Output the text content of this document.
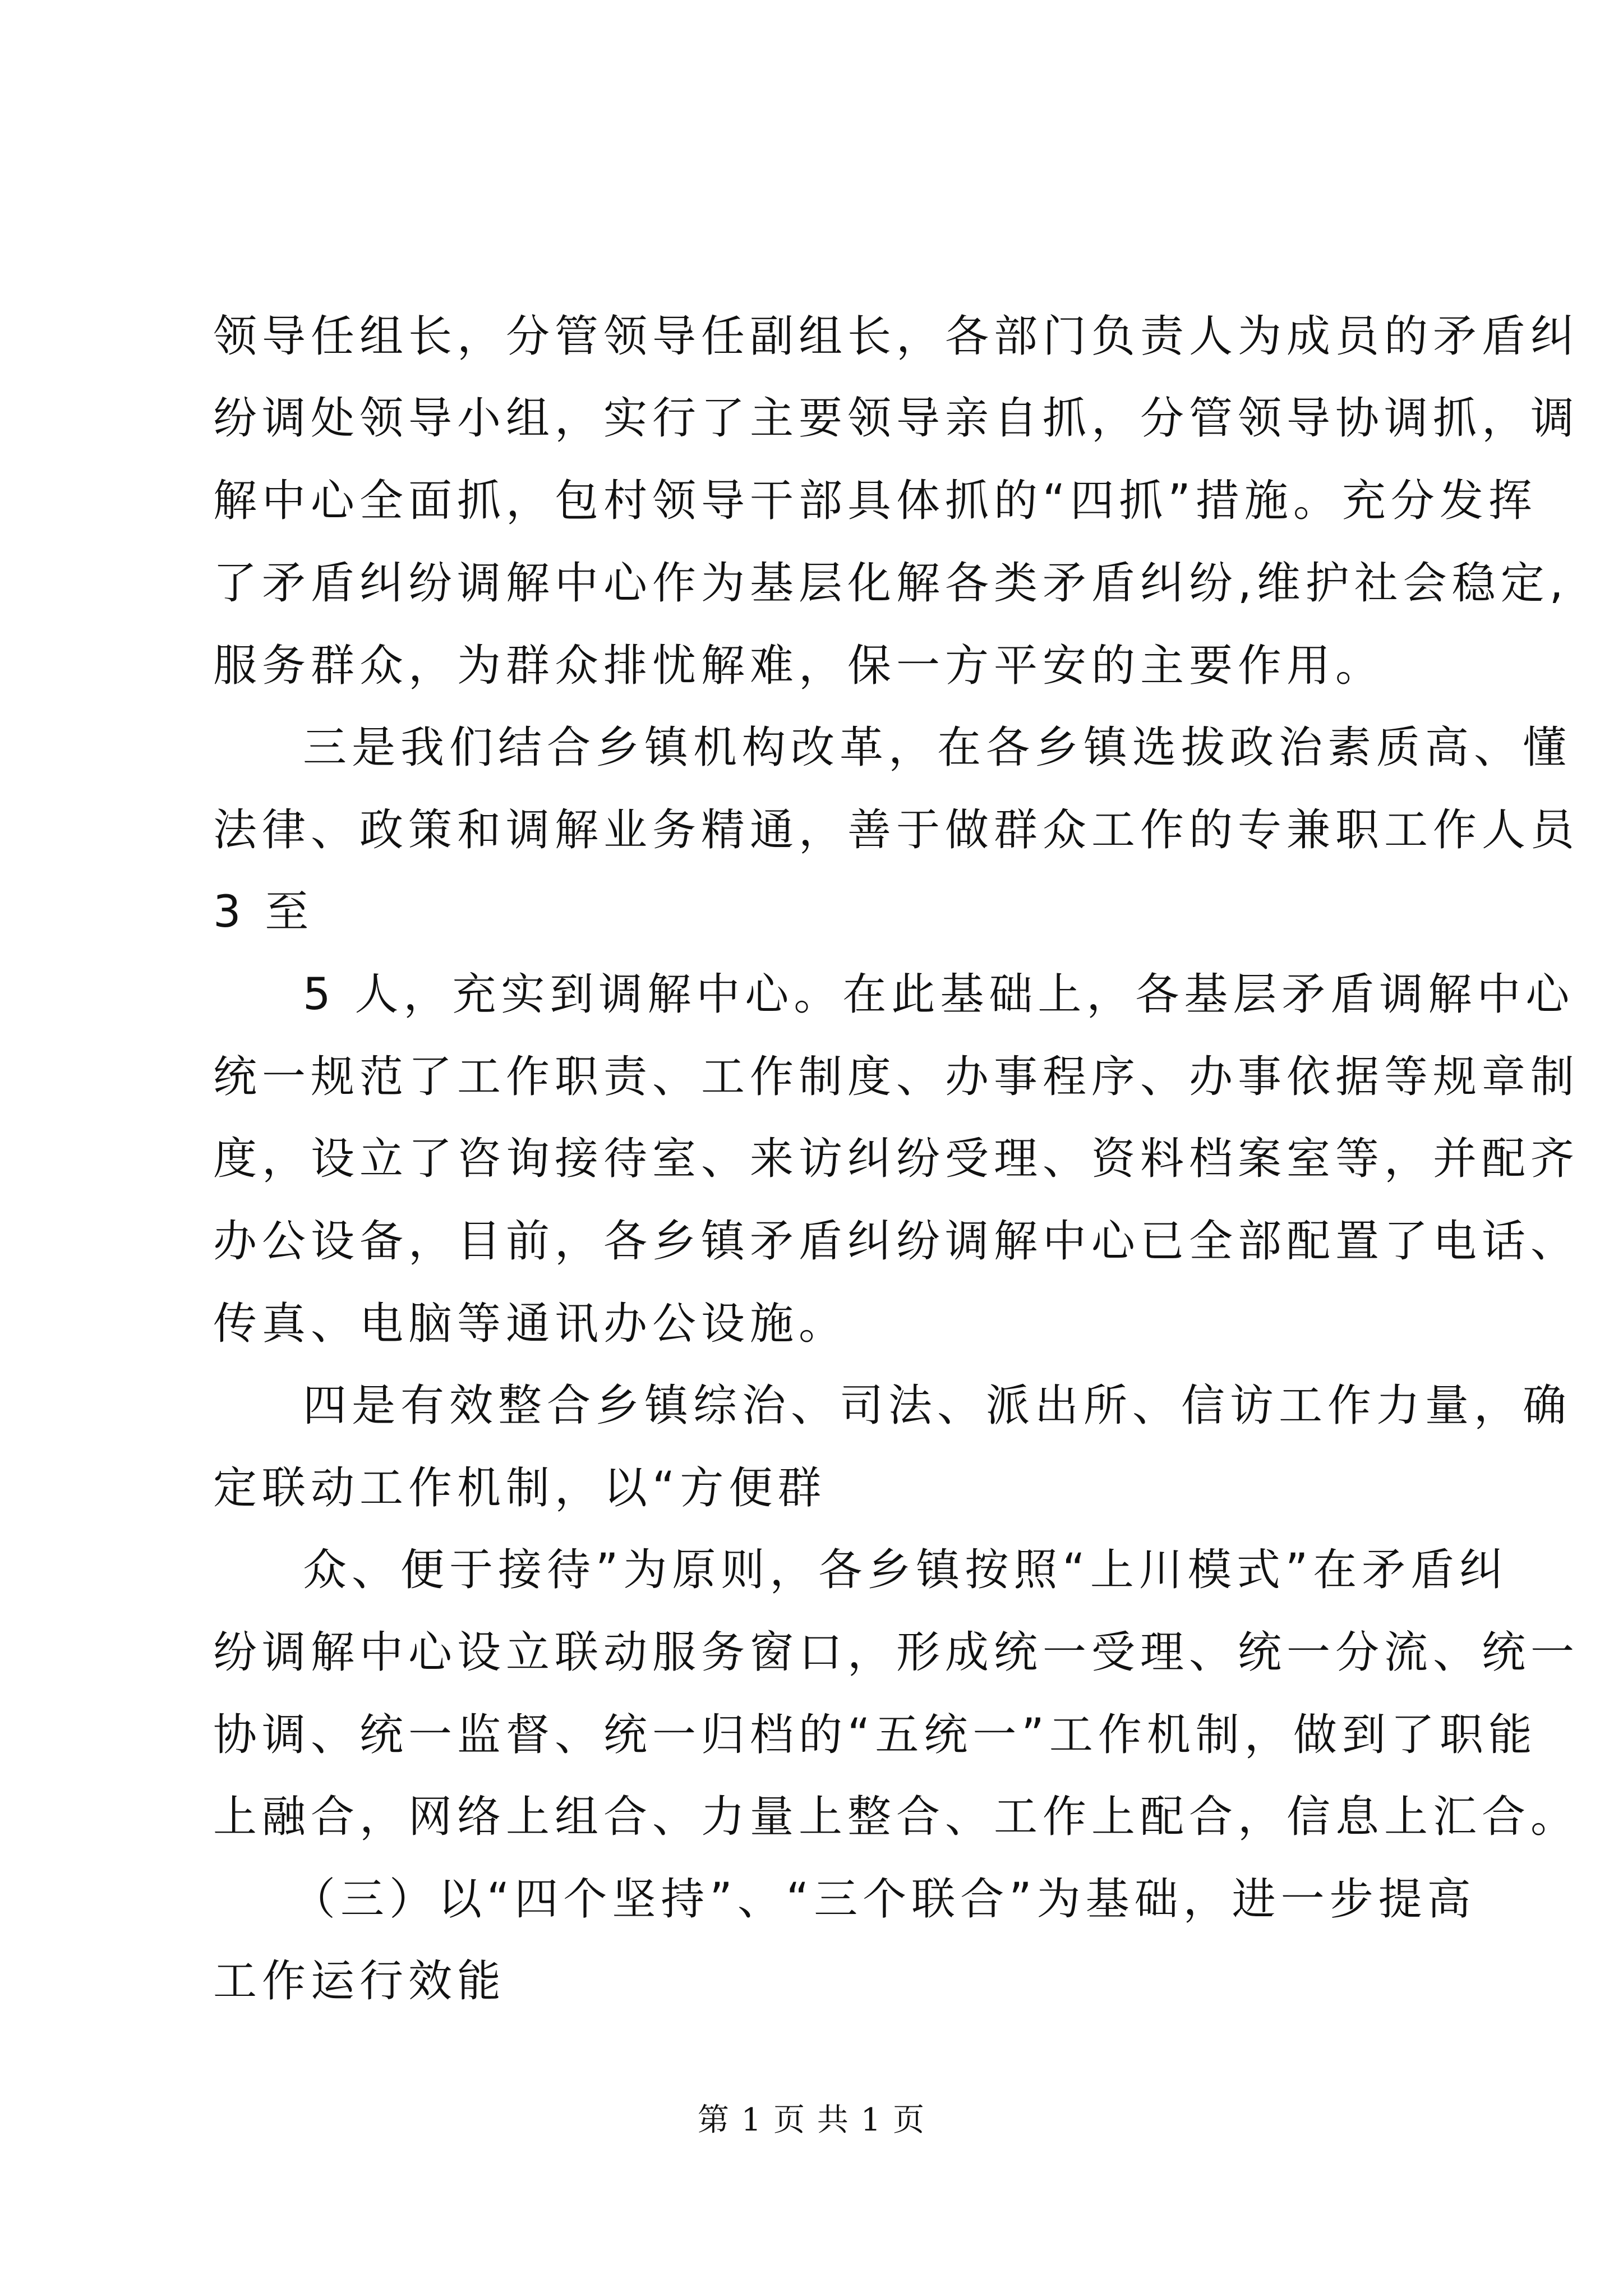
领导任组长，分管领导任副组长，各部门负责人为成员的矛盾纠
纷调处领导小组，实行了主要领导亲自抓，分管领导协调抓，调
解中心全面抓，包村领导干部具体抓的“四抓”措施。充分发挥
了矛盾纠纷调解中心作为基层化解各类矛盾纠纷,维护社会稳定,
服务群众，为群众排忧解难，保一方平安的主要作用。
三是我们结合乡镇机构改革，在各乡镇选拔政治素质高、懂
法律、政策和调解业务精通，善于做群众工作的专兼职工作人员
3 至
5 人，充实到调解中心。在此基础上，各基层矛盾调解中心
统一规范了工作职责、工作制度、办事程序、办事依据等规章制
度，设立了咨询接待室、来访纠纷受理、资料档案室等，并配齐
办公设备，目前，各乡镇矛盾纠纷调解中心已全部配置了电话、
传真、电脑等通讯办公设施。
四是有效整合乡镇综治、司法、派出所、信访工作力量，确
定联动工作机制，以“方便群
众、便于接待”为原则，各乡镇按照“上川模式”在矛盾纠
纷调解中心设立联动服务窗口，形成统一受理、统一分流、统一
协调、统一监督、统一归档的“五统一”工作机制，做到了职能
上融合，网络上组合、力量上整合、工作上配合，信息上汇合。
（三）以“四个坚持”、“三个联合”为基础，进一步提高
工作运行效能
第 1 页 共 1 页
